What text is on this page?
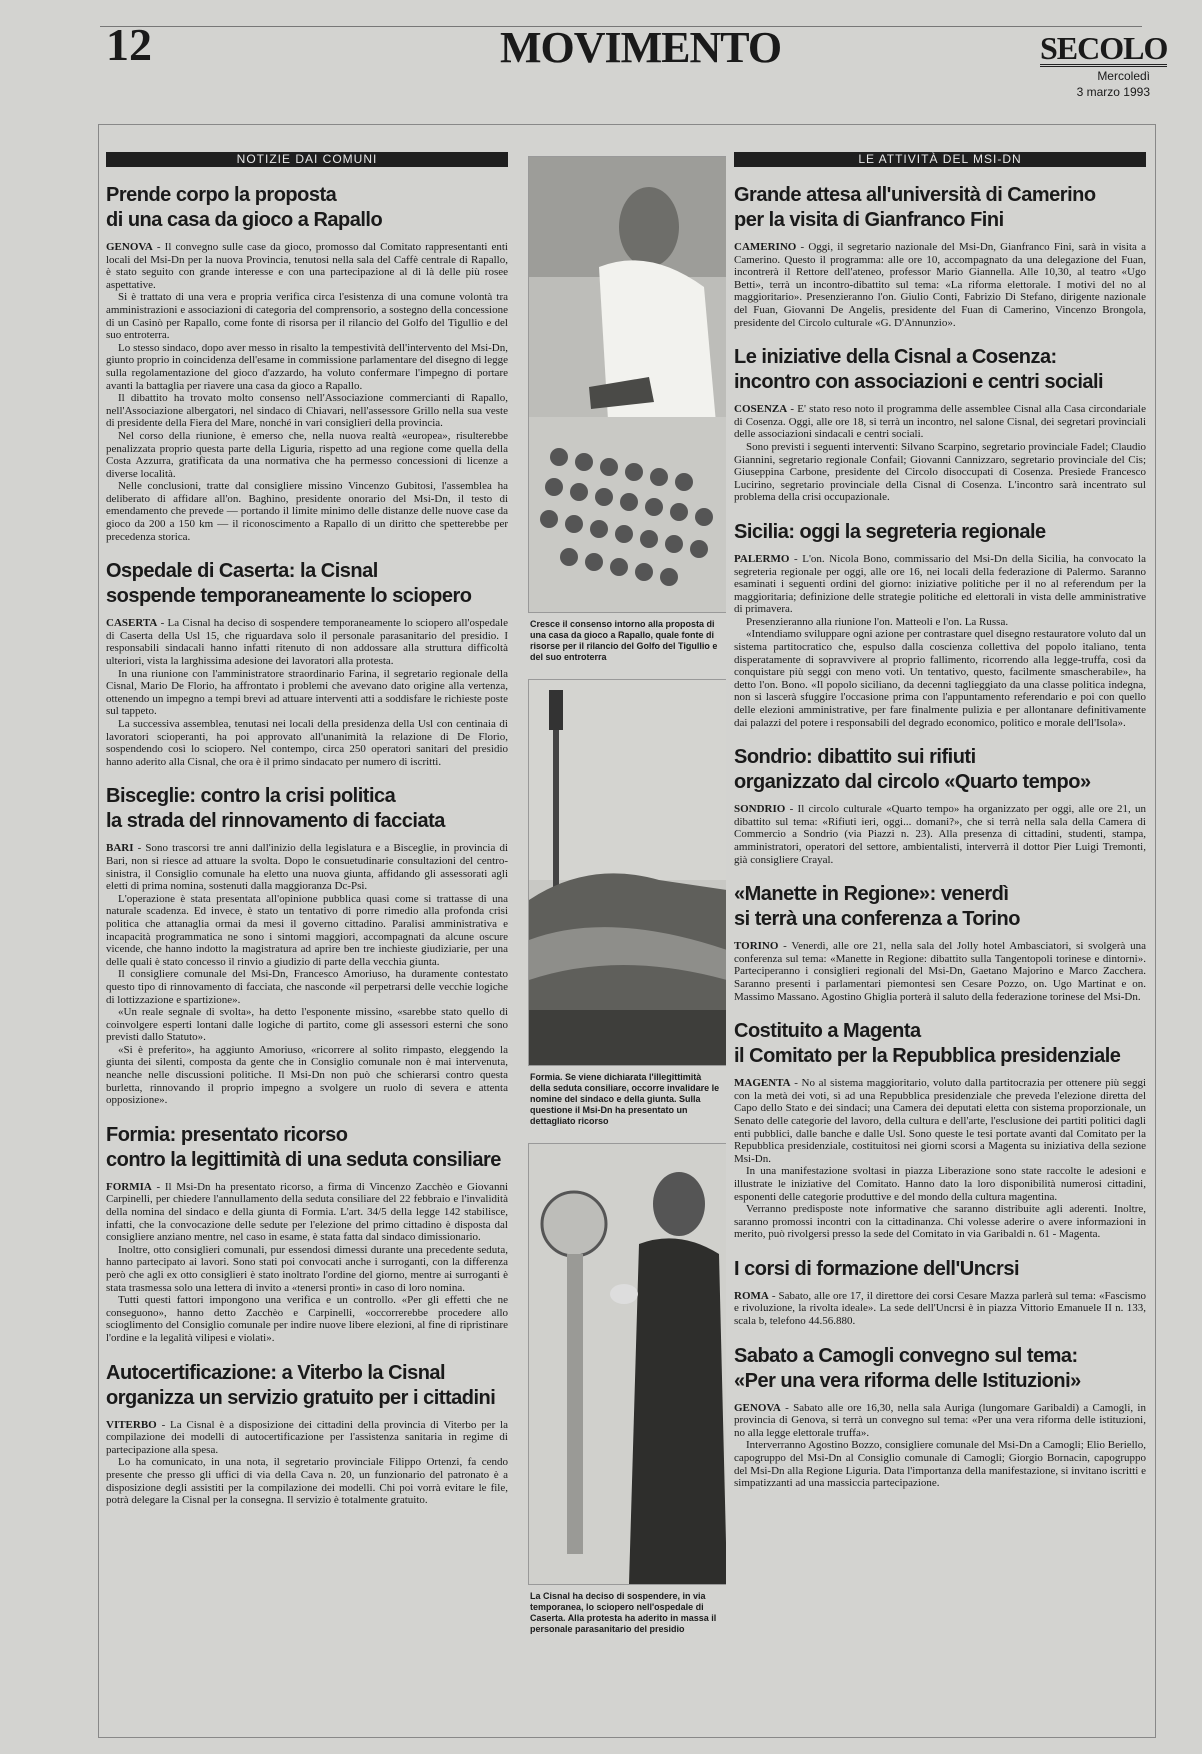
12	MOVIMENTO	SECOLO
Mercoledì
3 marzo 1993
NOTIZIE DAI COMUNI
Prende corpo la proposta
di una casa da gioco a Rapallo

GENOVA - Il convegno sulle case da gioco, promosso dal Comitato rappresentanti enti locali del Msi-Dn per la nuova Provincia, tenutosi nella sala del Caffè centrale di Rapallo, è stato seguito con grande interesse e con una partecipazione al di là delle più rosee aspettative.

Si è trattato di una vera e propria verifica circa l'esistenza di una comune volontà tra amministrazioni e associazioni di categoria del comprensorio, a sostegno della concessione di un Casinò per Rapallo, come fonte di risorsa per il rilancio del Golfo del Tigullio e del suo entroterra.

Lo stesso sindaco, dopo aver messo in risalto la tempestività dell'intervento del Msi-Dn, giunto proprio in coincidenza dell'esame in commissione parlamentare del disegno di legge sulla regolamentazione del gioco d'azzardo, ha voluto confermare l'impegno di portare avanti la battaglia per riavere una casa da gioco a Rapallo.

Il dibattito ha trovato molto consenso nell'Associazione commercianti di Rapallo, nell'Associazione albergatori, nel sindaco di Chiavari, nell'assessore Grillo nella sua veste di presidente della Fiera del Mare, nonché in vari consiglieri della provincia.

Nel corso della riunione, è emerso che, nella nuova realtà «europea», risulterebbe penalizzata proprio questa parte della Liguria, rispetto ad una regione come quella della Costa Azzurra, gratificata da una normativa che ha permesso concessioni di licenze a diverse località.

Nelle conclusioni, tratte dal consigliere missino Vincenzo Gubitosi, l'assemblea ha deliberato di affidare all'on. Baghino, presidente onorario del Msi-Dn, il testo di emendamento che prevede — portando il limite minimo delle distanze delle nuove case da gioco da 200 a 150 km — il riconoscimento a Rapallo di un diritto che spetterebbe per precedenza storica.

Ospedale di Caserta: la Cisnal
sospende temporaneamente lo sciopero

CASERTA - La Cisnal ha deciso di sospendere temporaneamente lo sciopero all'ospedale di Caserta della Usl 15, che riguardava solo il personale parasanitario del presidio. I responsabili sindacali hanno infatti ritenuto di non addossare alla struttura difficoltà ulteriori, vista la larghissima adesione dei lavoratori alla protesta.

In una riunione con l'amministratore straordinario Farina, il segretario regionale della Cisnal, Mario De Florio, ha affrontato i problemi che avevano dato origine alla vertenza, ottenendo un impegno a tempi brevi ad attuare interventi atti a soddisfare le richieste poste sul tappeto.

La successiva assemblea, tenutasi nei locali della presidenza della Usl con centinaia di lavoratori scioperanti, ha poi approvato all'unanimità la relazione di De Florio, sospendendo così lo sciopero. Nel contempo, circa 250 operatori sanitari del presidio hanno aderito alla Cisnal, che ora è il primo sindacato per numero di iscritti.

Bisceglie: contro la crisi politica
la strada del rinnovamento di facciata

BARI - Sono trascorsi tre anni dall'inizio della legislatura e a Bisceglie, in provincia di Bari, non si riesce ad attuare la svolta. Dopo le consuetudinarie consultazioni del centro-sinistra, il Consiglio comunale ha eletto una nuova giunta, affidando gli assessorati agli eletti di prima nomina, sostenuti dalla maggioranza Dc-Psi.

L'operazione è stata presentata all'opinione pubblica quasi come si trattasse di una naturale scadenza. Ed invece, è stato un tentativo di porre rimedio alla profonda crisi politica che attanaglia ormai da mesi il governo cittadino. Paralisi amministrativa e incapacità programmatica ne sono i sintomi maggiori, accompagnati da alcune oscure vicende, che hanno indotto la magistratura ad aprire ben tre inchieste giudiziarie, per una delle quali è stato concesso il rinvio a giudizio di parte della vecchia giunta.

Il consigliere comunale del Msi-Dn, Francesco Amoriuso, ha duramente contestato questo tipo di rinnovamento di facciata, che nasconde «il perpetrarsi delle vecchie logiche di lottizzazione e spartizione».

«Un reale segnale di svolta», ha detto l'esponente missino, «sarebbe stato quello di coinvolgere esperti lontani dalle logiche di partito, come gli assessori esterni che sono previsti dallo Statuto».

«Si è preferito», ha aggiunto Amoriuso, «ricorrere al solito rimpasto, eleggendo la giunta dei silenti, composta da gente che in Consiglio comunale non è mai intervenuta, neanche nelle discussioni politiche. Il Msi-Dn non può che schierarsi contro questa burletta, rinnovando il proprio impegno a svolgere un ruolo di severa e attenta opposizione».

Formia: presentato ricorso
contro la legittimità di una seduta consiliare

FORMIA - Il Msi-Dn ha presentato ricorso, a firma di Vincenzo Zacchèo e Giovanni Carpinelli, per chiedere l'annullamento della seduta consiliare del 22 febbraio e l'invalidità della nomina del sindaco e della giunta di Formia. L'art. 34/5 della legge 142 stabilisce, infatti, che la convocazione delle sedute per l'elezione del primo cittadino è disposta dal consigliere anziano mentre, nel caso in esame, è stata fatta dal sindaco dimissionario.

Inoltre, otto consiglieri comunali, pur essendosi dimessi durante una precedente seduta, hanno partecipato ai lavori. Sono stati poi convocati anche i surroganti, con la differenza però che agli ex otto consiglieri è stato inoltrato l'ordine del giorno, mentre ai surroganti è stata trasmessa solo una lettera di invito a «tenersi pronti» in caso di loro nomina.

Tutti questi fattori impongono una verifica e un controllo. «Per gli effetti che ne conseguono», hanno detto Zacchèo e Carpinelli, «occorrerebbe procedere allo scioglimento del Consiglio comunale per indire nuove libere elezioni, al fine di ripristinare l'ordine e la legalità vilipesi e violati».

Autocertificazione: a Viterbo la Cisnal
organizza un servizio gratuito per i cittadini

VITERBO - La Cisnal è a disposizione dei cittadini della provincia di Viterbo per la compilazione dei modelli di autocertificazione per l'assistenza sanitaria in regime di partecipazione alla spesa.

Lo ha comunicato, in una nota, il segretario provinciale Filippo Ortenzi, fa cendo presente che presso gli uffici di via della Cava n. 20, un funzionario del patronato è a disposizione degli assistiti per la compilazione dei modelli. Chi poi vorrà evitare le file, potrà delegare la Cisnal per la consegna. Il servizio è totalmente gratuito.

Cresce il consenso intorno alla proposta di una casa da gioco a Rapallo, quale fonte di risorse per il rilancio del Golfo del Tigullio e del suo entroterra
Formia. Se viene dichiarata l'illegittimità della seduta consiliare, occorre invalidare le nomine del sindaco e della giunta. Sulla questione il Msi-Dn ha presentato un dettagliato ricorso
La Cisnal ha deciso di sospendere, in via temporanea, lo sciopero nell'ospedale di Caserta. Alla protesta ha aderito in massa il personale parasanitario del presidio
LE ATTIVITÀ DEL MSI-DN
Grande attesa all'università di Camerino
per la visita di Gianfranco Fini

CAMERINO - Oggi, il segretario nazionale del Msi-Dn, Gianfranco Fini, sarà in visita a Camerino. Questo il programma: alle ore 10, accompagnato da una delegazione del Fuan, incontrerà il Rettore dell'ateneo, professor Mario Giannella. Alle 10,30, al teatro «Ugo Betti», terrà un incontro-dibattito sul tema: «La riforma elettorale. I motivi del no al maggioritario». Presenzieranno l'on. Giulio Conti, Fabrizio Di Stefano, dirigente nazionale del Fuan, Giovanni De Angelis, presidente del Fuan di Camerino, Vincenzo Brongola, presidente del Circolo culturale «G. D'Annunzio».

Le iniziative della Cisnal a Cosenza:
incontro con associazioni e centri sociali

COSENZA - E' stato reso noto il programma delle assemblee Cisnal alla Casa circondariale di Cosenza. Oggi, alle ore 18, si terrà un incontro, nel salone Cisnal, dei segretari provinciali delle associazioni sindacali e centri sociali.

Sono previsti i seguenti interventi: Silvano Scarpino, segretario provinciale Fadel; Claudio Giannini, segretario regionale Confail; Giovanni Cannizzaro, segretario provinciale del Cis; Giuseppina Carbone, presidente del Circolo disoccupati di Cosenza. Presiede Francesco Lucirino, segretario provinciale della Cisnal di Cosenza. L'incontro sarà incentrato sul problema della crisi occupazionale.

Sicilia: oggi la segreteria regionale

PALERMO - L'on. Nicola Bono, commissario del Msi-Dn della Sicilia, ha convocato la segreteria regionale per oggi, alle ore 16, nei locali della federazione di Palermo. Saranno esaminati i seguenti ordini del giorno: iniziative politiche per il no al referendum per la maggioritaria; definizione delle strategie politiche ed elettorali in vista delle amministrative di primavera.

Presenzieranno alla riunione l'on. Matteoli e l'on. La Russa.

«Intendiamo sviluppare ogni azione per contrastare quel disegno restauratore voluto dal un sistema partitocratico che, espulso dalla coscienza collettiva del popolo italiano, tenta disperatamente di sopravvivere al proprio fallimento, ricorrendo alla legge-truffa, così da conquistare più seggi con meno voti. Un tentativo, questo, facilmente smascherabile», ha detto l'on. Bono. «Il popolo siciliano, da decenni taglieggiato da una classe politica indegna, non si lascerà sfuggire l'occasione prima con l'appuntamento referendario e poi con quello delle elezioni amministrative, per fare finalmente pulizia e per allontanare definitivamente dai palazzi del potere i responsabili del degrado economico, politico e morale dell'Isola».

Sondrio: dibattito sui rifiuti
organizzato dal circolo «Quarto tempo»

SONDRIO - Il circolo culturale «Quarto tempo» ha organizzato per oggi, alle ore 21, un dibattito sul tema: «Rifiuti ieri, oggi... domani?», che si terrà nella sala della Camera di Commercio a Sondrio (via Piazzi n. 23). Alla presenza di cittadini, studenti, stampa, amministratori, operatori del settore, ambientalisti, interverrà il dottor Pier Luigi Tremonti, già consigliere Crayal.

«Manette in Regione»: venerdì
si terrà una conferenza a Torino

TORINO - Venerdì, alle ore 21, nella sala del Jolly hotel Ambasciatori, si svolgerà una conferenza sul tema: «Manette in Regione: dibattito sulla Tangentopoli torinese e dintorni». Parteciperanno i consiglieri regionali del Msi-Dn, Gaetano Majorino e Marco Zacchera. Saranno presenti i parlamentari piemontesi sen Cesare Pozzo, on. Ugo Martinat e on. Massimo Massano. Agostino Ghiglia porterà il saluto della federazione torinese del Msi-Dn.

Costituito a Magenta
il Comitato per la Repubblica presidenziale

MAGENTA - No al sistema maggioritario, voluto dalla partitocrazia per ottenere più seggi con la metà dei voti, sì ad una Repubblica presidenziale che preveda l'elezione diretta del Capo dello Stato e dei sindaci; una Camera dei deputati eletta con sistema proporzionale, un Senato delle categorie del lavoro, della cultura e dell'arte, l'esclusione dei partiti politici dagli enti pubblici, dalle banche e dalle Usl. Sono queste le tesi portate avanti dal Comitato per la Repubblica presidenziale, costituitosi nei giorni scorsi a Magenta su iniziativa della sezione Msi-Dn.

In una manifestazione svoltasi in piazza Liberazione sono state raccolte le adesioni e illustrate le iniziative del Comitato. Hanno dato la loro disponibilità numerosi cittadini, esponenti delle categorie produttive e del mondo della cultura magentina.

Verranno predisposte note informative che saranno distribuite agli aderenti. Inoltre, saranno promossi incontri con la cittadinanza. Chi volesse aderire o avere informazioni in merito, può rivolgersi presso la sede del Comitato in via Garibaldi n. 61 - Magenta.

I corsi di formazione dell'Uncrsi

ROMA - Sabato, alle ore 17, il direttore dei corsi Cesare Mazza parlerà sul tema: «Fascismo e rivoluzione, la rivolta ideale». La sede dell'Uncrsi è in piazza Vittorio Emanuele II n. 133, scala b, telefono 44.56.880.

Sabato a Camogli convegno sul tema:
«Per una vera riforma delle Istituzioni»

GENOVA - Sabato alle ore 16,30, nella sala Auriga (lungomare Garibaldi) a Camogli, in provincia di Genova, si terrà un convegno sul tema: «Per una vera riforma delle istituzioni, no alla legge elettorale truffa».

Interverranno Agostino Bozzo, consigliere comunale del Msi-Dn a Camogli; Elio Beriello, capogruppo del Msi-Dn al Consiglio comunale di Camogli; Giorgio Bornacin, capogruppo del Msi-Dn alla Regione Liguria. Data l'importanza della manifestazione, si invitano iscritti e simpatizzanti ad una massiccia partecipazione.
